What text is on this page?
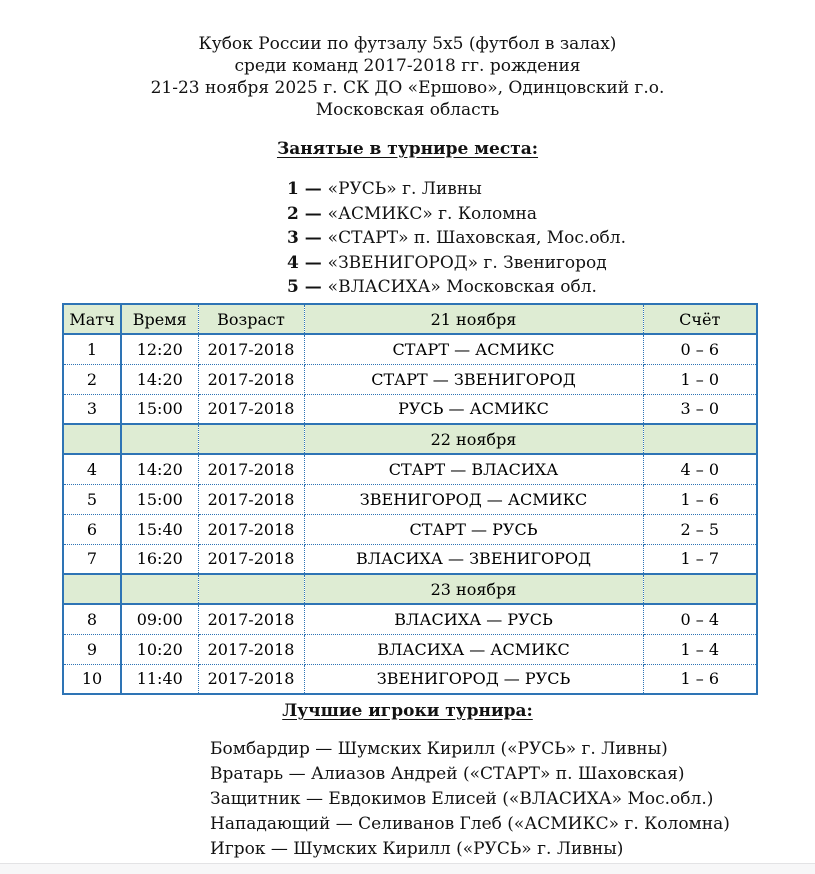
Кубок России по футзалу 5х5 (футбол в залах)
среди команд 2017-2018 гг. рождения
21-23 ноября 2025 г. СК ДО «Ершово», Одинцовский г.о.
Московская область
Занятые в турнире места:
1 — «РУСЬ» г. Ливны
2 — «АСМИКС» г. Коломна
3 — «СТАРТ» п. Шаховская, Мос.обл.
4 — «ЗВЕНИГОРОД» г. Звенигород
5 — «ВЛАСИХА» Московская обл.
Матч	Время	Возраст	21 ноября	Счёт
1	12:20	2017-2018	СТАРТ — АСМИКС	0 – 6
2	14:20	2017-2018	СТАРТ — ЗВЕНИГОРОД	1 – 0
3	15:00	2017-2018	РУСЬ — АСМИКС	3 – 0
			22 ноября	
4	14:20	2017-2018	СТАРТ — ВЛАСИХА	4 – 0
5	15:00	2017-2018	ЗВЕНИГОРОД — АСМИКС	1 – 6
6	15:40	2017-2018	СТАРТ — РУСЬ	2 – 5
7	16:20	2017-2018	ВЛАСИХА — ЗВЕНИГОРОД	1 – 7
			23 ноября	
8	09:00	2017-2018	ВЛАСИХА — РУСЬ	0 – 4
9	10:20	2017-2018	ВЛАСИХА — АСМИКС	1 – 4
10	11:40	2017-2018	ЗВЕНИГОРОД — РУСЬ	1 – 6
Лучшие игроки турнира:
Бомбардир — Шумских Кирилл («РУСЬ» г. Ливны)
Вратарь — Алиазов Андрей («СТАРТ» п. Шаховская)
Защитник — Евдокимов Елисей («ВЛАСИХА» Мос.обл.)
Нападающий — Селиванов Глеб («АСМИКС» г. Коломна)
Игрок — Шумских Кирилл («РУСЬ» г. Ливны)
